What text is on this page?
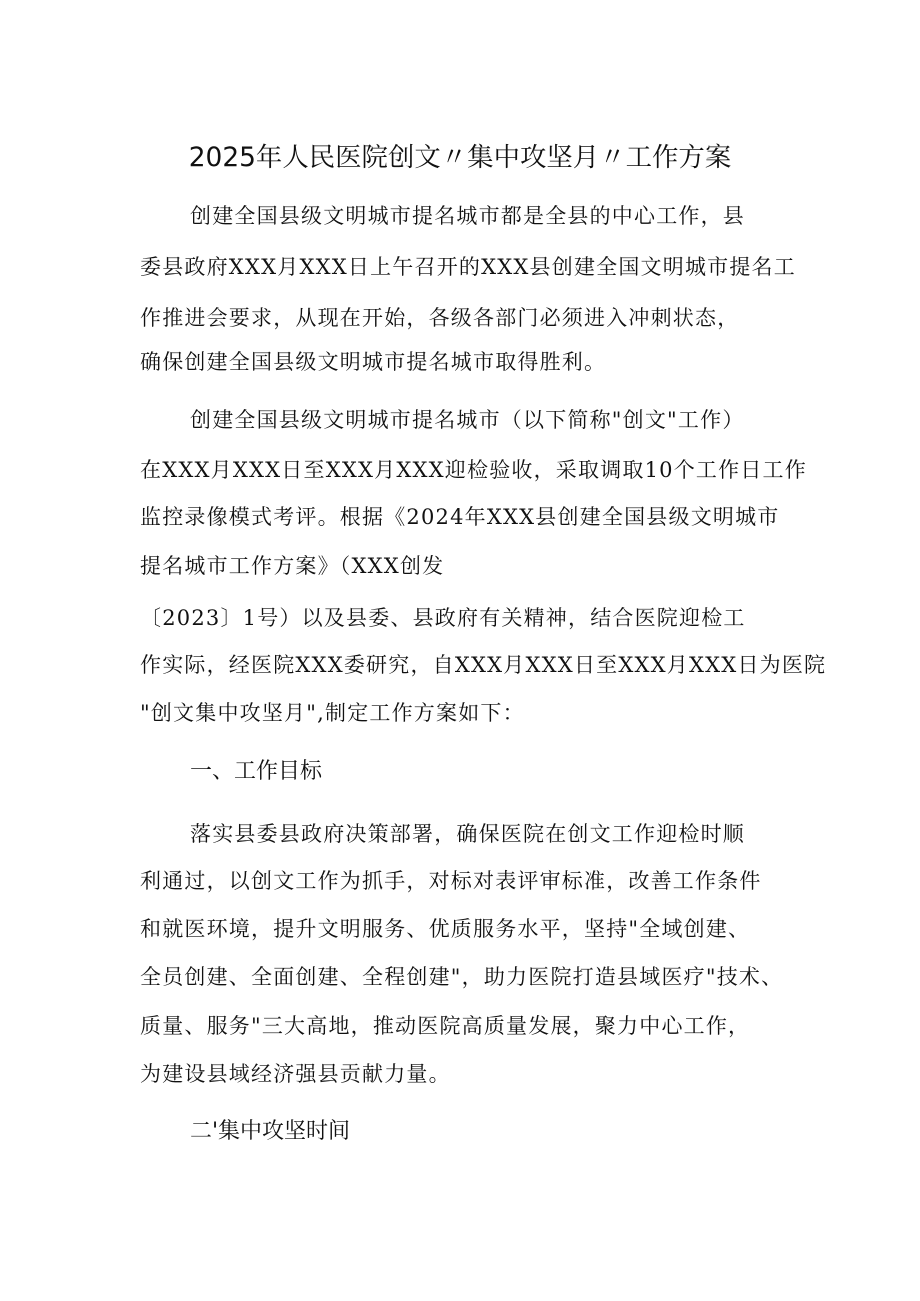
2025年人民医院创文〃集中攻坚月〃工作方案
创建全国县级文明城市提名城市都是全县的中心工作，县
委县政府XXX月XXX日上午召开的XXX县创建全国文明城市提名工
作推进会要求，从现在开始，各级各部门必须进入冲刺状态，
确保创建全国县级文明城市提名城市取得胜利。
创建全国县级文明城市提名城市（以下简称"创文"工作）
在XXX月XXX日至XXX月XXX迎检验收，采取调取10个工作日工作
监控录像模式考评。根据《2024年XXX县创建全国县级文明城市
提名城市工作方案》（XXX创发
〔2023〕1号）以及县委、县政府有关精神，结合医院迎检工
作实际，经医院XXX委研究，自XXX月XXX日至XXX月XXX日为医院
"创文集中攻坚月",制定工作方案如下：
一、工作目标
落实县委县政府决策部署，确保医院在创文工作迎检时顺
利通过，以创文工作为抓手，对标对表评审标准，改善工作条件
和就医环境，提升文明服务、优质服务水平，坚持"全域创建、
全员创建、全面创建、全程创建"，助力医院打造县域医疗"技术、
质量、服务"三大高地，推动医院高质量发展，聚力中心工作，
为建设县域经济强县贡献力量。
二'集中攻坚时间
